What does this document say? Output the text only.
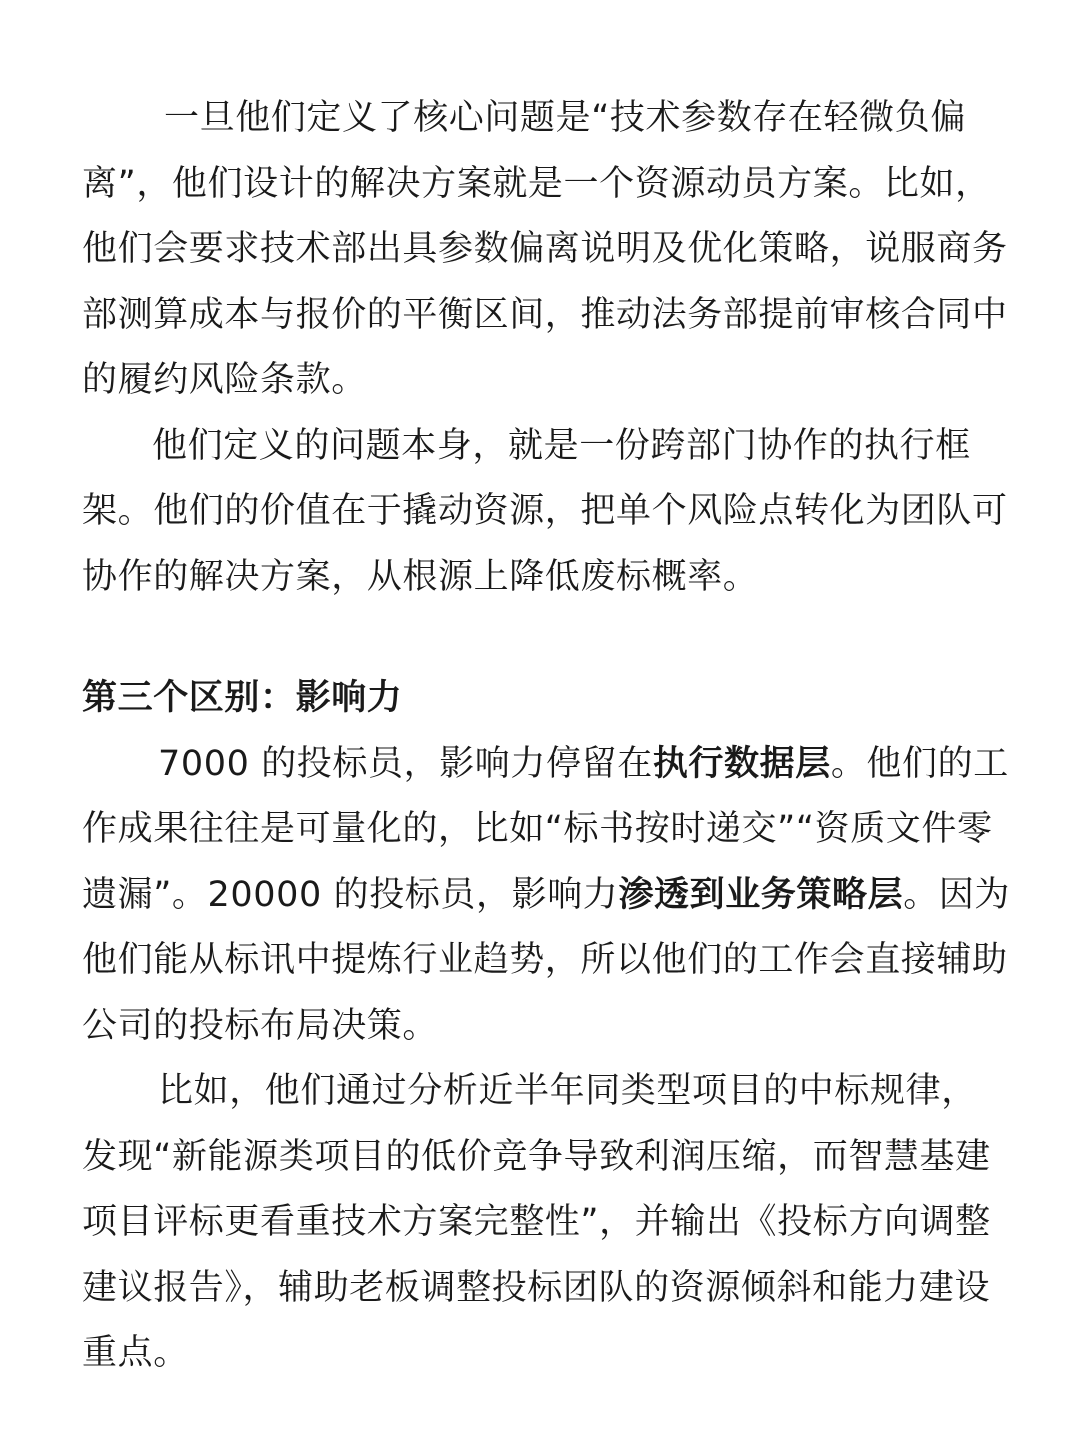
一旦他们定义了核心问题是“技术参数存在轻微负偏离”，他们设计的解决方案就是一个资源动员方案。比如，他们会要求技术部出具参数偏离说明及优化策略，说服商务部测算成本与报价的平衡区间，推动法务部提前审核合同中的履约风险条款。

他们定义的问题本身，就是一份跨部门协作的执行框架。他们的价值在于撬动资源，把单个风险点转化为团队可协作的解决方案，从根源上降低废标概率。

第三个区别：影响力

7000 的投标员，影响力停留在执行数据层。他们的工作成果往往是可量化的，比如“标书按时递交”“资质文件零遗漏”。20000 的投标员，影响力渗透到业务策略层。因为他们能从标讯中提炼行业趋势，所以他们的工作会直接辅助公司的投标布局决策。

比如，他们通过分析近半年同类型项目的中标规律，发现“新能源类项目的低价竞争导致利润压缩，而智慧基建项目评标更看重技术方案完整性”，并输出《投标方向调整建议报告》，辅助老板调整投标团队的资源倾斜和能力建设重点。
